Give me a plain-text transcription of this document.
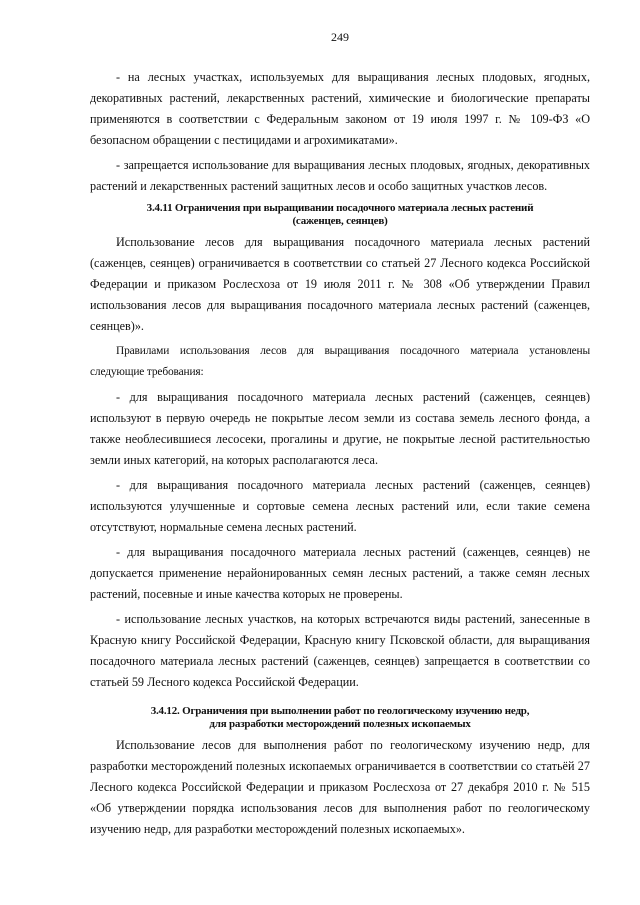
249

- на лесных участках, используемых для выращивания лесных плодовых, ягодных, декоративных растений, лекарственных растений, химические и биологические препараты применяются в соответствии с Федеральным законом от 19 июля 1997 г. № 109-ФЗ «О безопасном обращении с пестицидами и агрохимикатами».

- запрещается использование для выращивания лесных плодовых, ягодных, декоративных растений и лекарственных растений защитных лесов и особо защитных участков лесов.

3.4.11 Ограничения при выращивании посадочного материала лесных растений
(саженцев, сеянцев)

Использование лесов для выращивания посадочного материала лесных растений (саженцев, сеянцев) ограничивается в соответствии со статьей 27 Лесного кодекса Российской Федерации и приказом Рослесхоза от 19 июля 2011 г. № 308 «Об утверждении Правил использования лесов для выращивания посадочного материала лесных растений (саженцев, сеянцев)».

Правилами использования лесов для выращивания посадочного материала установлены следующие требования:

- для выращивания посадочного материала лесных растений (саженцев, сеянцев) используют в первую очередь не покрытые лесом земли из состава земель лесного фонда, а также необлесившиеся лесосеки, прогалины и другие, не покрытые лесной растительностью земли иных категорий, на которых располагаются леса.

- для выращивания посадочного материала лесных растений (саженцев, сеянцев) используются улучшенные и сортовые семена лесных растений или, если такие семена отсутствуют, нормальные семена лесных растений.

- для выращивания посадочного материала лесных растений (саженцев, сеянцев) не допускается применение нерайонированных семян лесных растений, а также семян лесных растений, посевные и иные качества которых не проверены.

- использование лесных участков, на которых встречаются виды растений, занесенные в Красную книгу Российской Федерации, Красную книгу Псковской области, для выращивания посадочного материала лесных растений (саженцев, сеянцев) запрещается в соответствии со статьей 59 Лесного кодекса Российской Федерации.

3.4.12. Ограничения при выполнении работ по геологическому изучению недр,
для разработки месторождений полезных ископаемых

Использование лесов для выполнения работ по геологическому изучению недр, для разработки месторождений полезных ископаемых ограничивается в соответствии со статьёй 27 Лесного кодекса Российской Федерации и приказом Рослесхоза от 27 декабря 2010 г. № 515 «Об утверждении порядка использования лесов для выполнения работ по геологическому изучению недр, для разработки месторождений полезных ископаемых».
